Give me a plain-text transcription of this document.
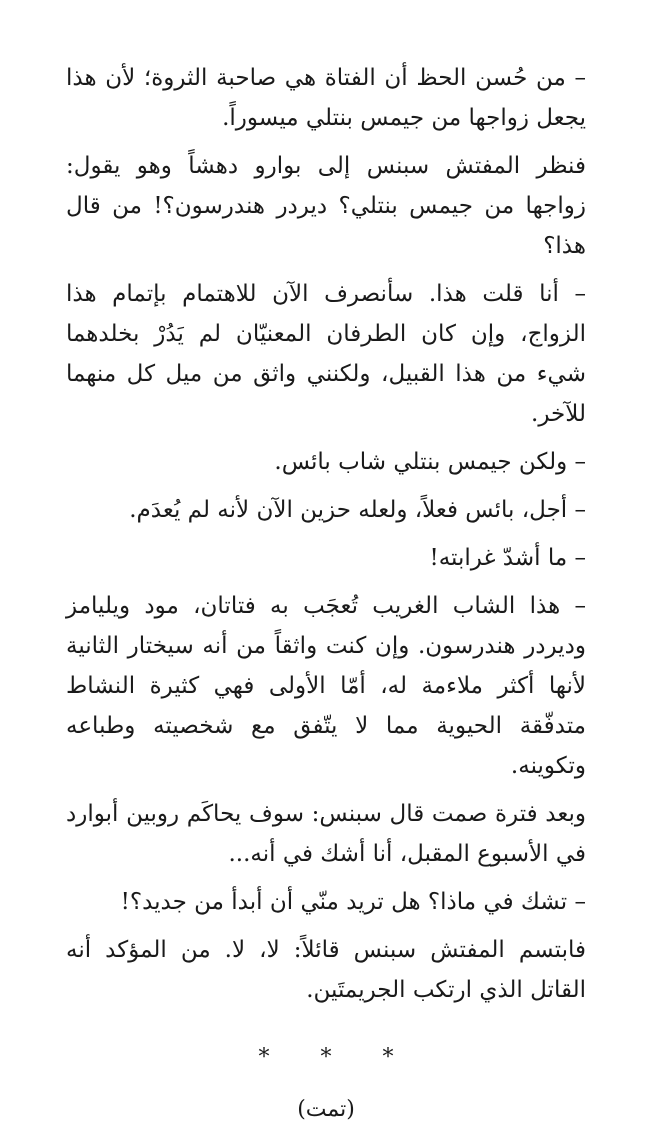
– من حُسن الحظ أن الفتاة هي صاحبة الثروة؛ لأن هذا يجعل زواجها من جيمس بنتلي ميسوراً.

فنظر المفتش سبنس إلى بوارو دهشاً وهو يقول: زواجها من جيمس بنتلي؟ ديردر هندرسون؟! من قال هذا؟

– أنا قلت هذا. سأنصرف الآن للاهتمام بإتمام هذا الزواج، وإن كان الطرفان المعنيّان لم يَدُرْ بخلدهما شيء من هذا القبيل، ولكنني واثق من ميل كل منهما للآخر.

– ولكن جيمس بنتلي شاب بائس.

– أجل، بائس فعلاً، ولعله حزين الآن لأنه لم يُعدَم.

– ما أشدّ غرابته!

– هذا الشاب الغريب تُعجَب به فتاتان، مود ويليامز وديردر هندرسون. وإن كنت واثقاً من أنه سيختار الثانية لأنها أكثر ملاءمة له، أمّا الأولى فهي كثيرة النشاط متدفّقة الحيوية مما لا يتّفق مع شخصيته وطباعه وتكوينه.

وبعد فترة صمت قال سبنس: سوف يحاكَم روبين أبوارد في الأسبوع المقبل، أنا أشك في أنه...

– تشك في ماذا؟ هل تريد منّي أن أبدأ من جديد؟!

فابتسم المفتش سبنس قائلاً: لا، لا. من المؤكد أنه القاتل الذي ارتكب الجريمتَين.

* * *
(تمت)
